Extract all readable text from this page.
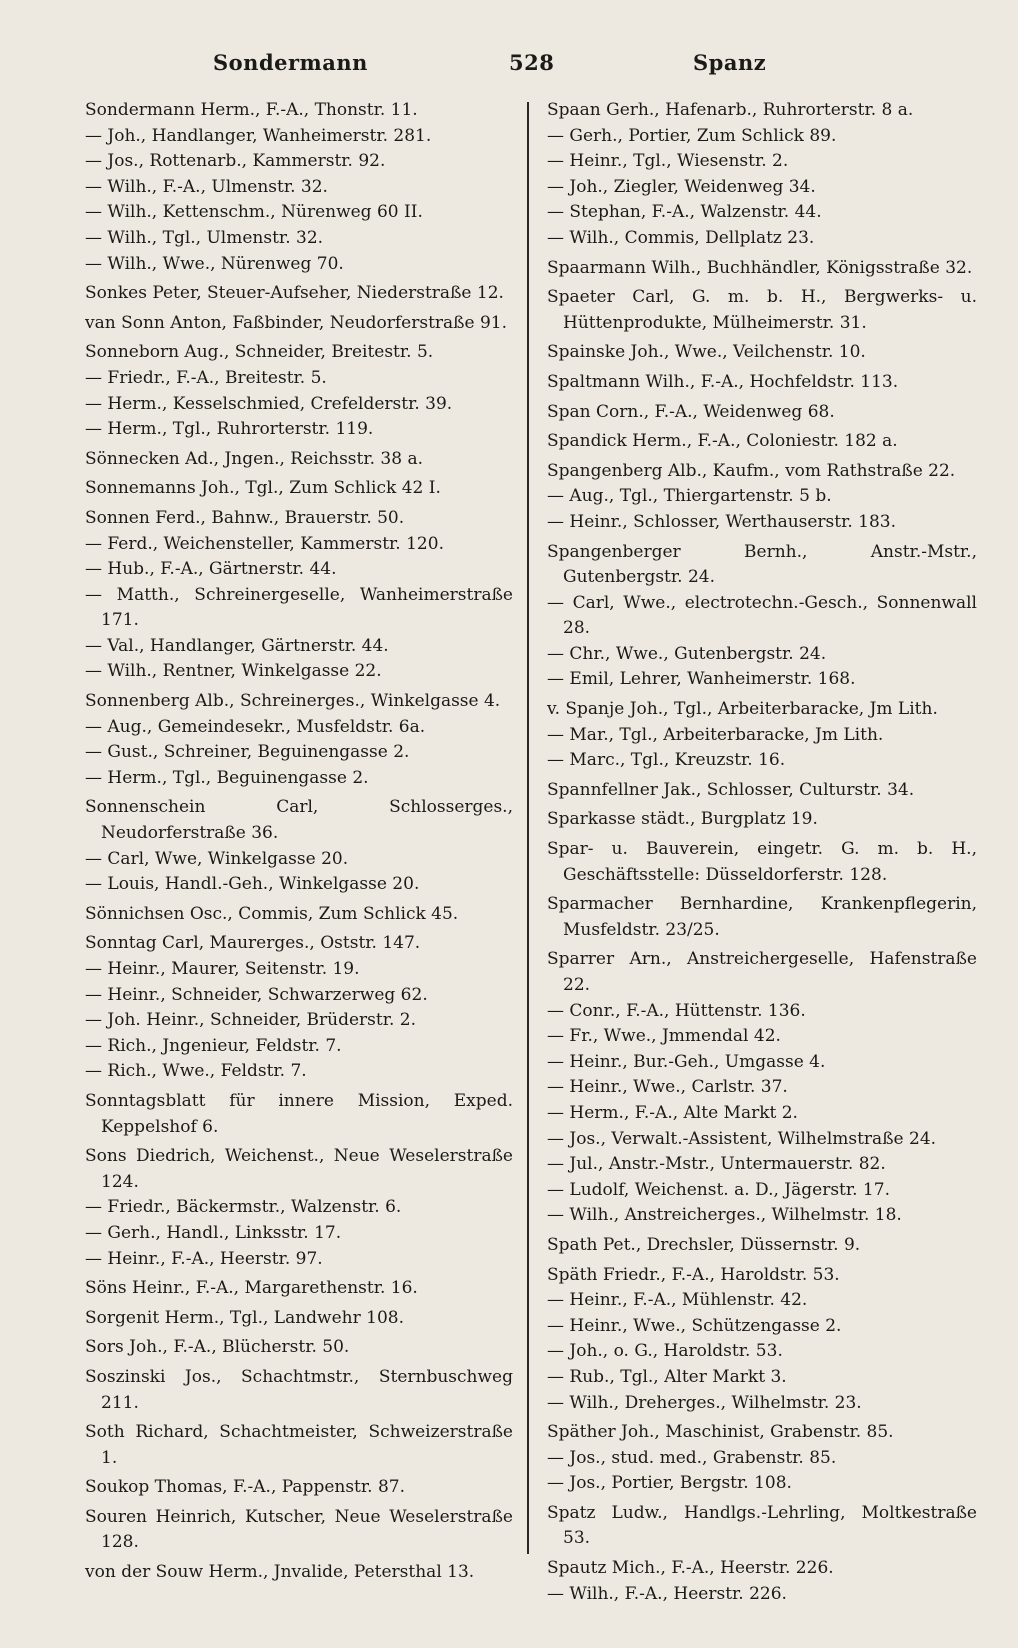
Sondermann	528	Spanz

Sondermann Herm., F.-A., Thonstr. 11.

— Joh., Handlanger, Wanheimerstr. 281.

— Jos., Rottenarb., Kammerstr. 92.

— Wilh., F.-A., Ulmenstr. 32.

— Wilh., Kettenschm., Nürenweg 60 II.

— Wilh., Tgl., Ulmenstr. 32.

— Wilh., Wwe., Nürenweg 70.

Sonkes Peter, Steuer-Aufseher, Niederstraße 12.

van Sonn Anton, Faßbinder, Neudorferstraße 91.

Sonneborn Aug., Schneider, Breitestr. 5.

— Friedr., F.-A., Breitestr. 5.

— Herm., Kesselschmied, Crefelderstr. 39.

— Herm., Tgl., Ruhrorterstr. 119.

Sönnecken Ad., Jngen., Reichsstr. 38 a.

Sonnemanns Joh., Tgl., Zum Schlick 42 I.

Sonnen Ferd., Bahnw., Brauerstr. 50.

— Ferd., Weichensteller, Kammerstr. 120.

— Hub., F.-A., Gärtnerstr. 44.

— Matth., Schreinergeselle, Wanheimerstraße 171.

— Val., Handlanger, Gärtnerstr. 44.

— Wilh., Rentner, Winkelgasse 22.

Sonnenberg Alb., Schreinerges., Winkelgasse 4.

— Aug., Gemeindesekr., Musfeldstr. 6a.

— Gust., Schreiner, Beguinengasse 2.

— Herm., Tgl., Beguinengasse 2.

Sonnenschein Carl, Schlosserges., Neudorferstraße 36.

— Carl, Wwe, Winkelgasse 20.

— Louis, Handl.-Geh., Winkelgasse 20.

Sönnichsen Osc., Commis, Zum Schlick 45.

Sonntag Carl, Maurerges., Oststr. 147.

— Heinr., Maurer, Seitenstr. 19.

— Heinr., Schneider, Schwarzerweg 62.

— Joh. Heinr., Schneider, Brüderstr. 2.

— Rich., Jngenieur, Feldstr. 7.

— Rich., Wwe., Feldstr. 7.

Sonntagsblatt für innere Mission, Exped. Keppelshof 6.

Sons Diedrich, Weichenst., Neue Weselerstraße 124.

— Friedr., Bäckermstr., Walzenstr. 6.

— Gerh., Handl., Linksstr. 17.

— Heinr., F.-A., Heerstr. 97.

Söns Heinr., F.-A., Margarethenstr. 16.

Sorgenit Herm., Tgl., Landwehr 108.

Sors Joh., F.-A., Blücherstr. 50.

Soszinski Jos., Schachtmstr., Sternbuschweg 211.

Soth Richard, Schachtmeister, Schweizerstraße 1.

Soukop Thomas, F.-A., Pappenstr. 87.

Souren Heinrich, Kutscher, Neue Weselerstraße 128.

von der Souw Herm., Jnvalide, Petersthal 13.

Spaan Gerh., Hafenarb., Ruhrorterstr. 8 a.

— Gerh., Portier, Zum Schlick 89.

— Heinr., Tgl., Wiesenstr. 2.

— Joh., Ziegler, Weidenweg 34.

— Stephan, F.-A., Walzenstr. 44.

— Wilh., Commis, Dellplatz 23.

Spaarmann Wilh., Buchhändler, Königsstraße 32.

Spaeter Carl, G. m. b. H., Bergwerks- u. Hüttenprodukte, Mülheimerstr. 31.

Spainske Joh., Wwe., Veilchenstr. 10.

Spaltmann Wilh., F.-A., Hochfeldstr. 113.

Span Corn., F.-A., Weidenweg 68.

Spandick Herm., F.-A., Coloniestr. 182 a.

Spangenberg Alb., Kaufm., vom Rathstraße 22.

— Aug., Tgl., Thiergartenstr. 5 b.

— Heinr., Schlosser, Werthauserstr. 183.

Spangenberger Bernh., Anstr.-Mstr., Gutenbergstr. 24.

— Carl, Wwe., electrotechn.-Gesch., Sonnenwall 28.

— Chr., Wwe., Gutenbergstr. 24.

— Emil, Lehrer, Wanheimerstr. 168.

v. Spanje Joh., Tgl., Arbeiterbaracke, Jm Lith.

— Mar., Tgl., Arbeiterbaracke, Jm Lith.

— Marc., Tgl., Kreuzstr. 16.

Spannfellner Jak., Schlosser, Culturstr. 34.

Sparkasse städt., Burgplatz 19.

Spar- u. Bauverein, eingetr. G. m. b. H., Geschäftsstelle: Düsseldorferstr. 128.

Sparmacher Bernhardine, Krankenpflegerin, Musfeldstr. 23/25.

Sparrer Arn., Anstreichergeselle, Hafenstraße 22.

— Conr., F.-A., Hüttenstr. 136.

— Fr., Wwe., Jmmendal 42.

— Heinr., Bur.-Geh., Umgasse 4.

— Heinr., Wwe., Carlstr. 37.

— Herm., F.-A., Alte Markt 2.

— Jos., Verwalt.-Assistent, Wilhelmstraße 24.

— Jul., Anstr.-Mstr., Untermauerstr. 82.

— Ludolf, Weichenst. a. D., Jägerstr. 17.

— Wilh., Anstreicherges., Wilhelmstr. 18.

Spath Pet., Drechsler, Düssernstr. 9.

Späth Friedr., F.-A., Haroldstr. 53.

— Heinr., F.-A., Mühlenstr. 42.

— Heinr., Wwe., Schützengasse 2.

— Joh., o. G., Haroldstr. 53.

— Rub., Tgl., Alter Markt 3.

— Wilh., Dreherges., Wilhelmstr. 23.

Späther Joh., Maschinist, Grabenstr. 85.

— Jos., stud. med., Grabenstr. 85.

— Jos., Portier, Bergstr. 108.

Spatz Ludw., Handlgs.-Lehrling, Moltkestraße 53.

Spautz Mich., F.-A., Heerstr. 226.

— Wilh., F.-A., Heerstr. 226.
